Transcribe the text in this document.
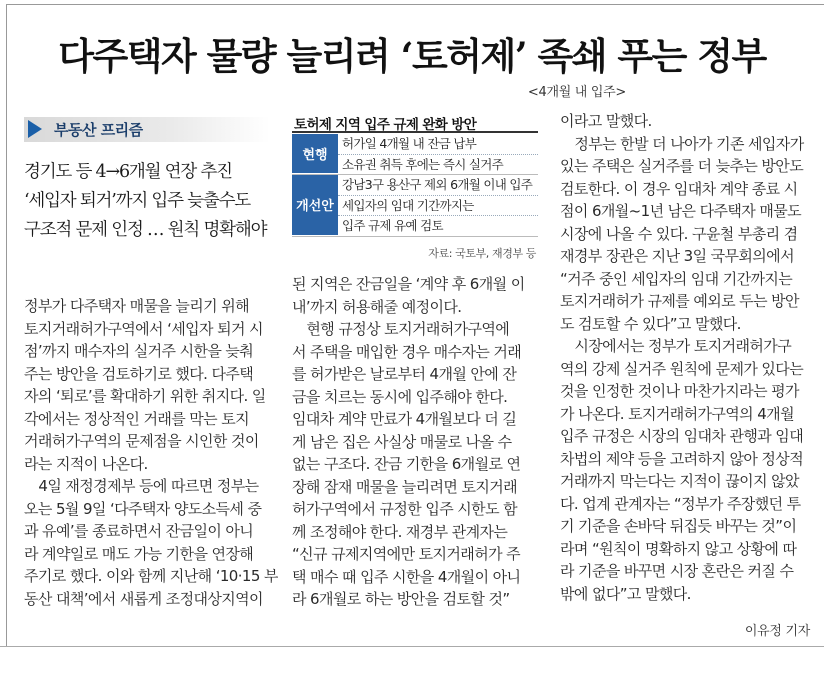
다주택자 물량 늘리려 ‘토허제’ 족쇄 푸는 정부
<4개월 내 입주>
부동산 프리즘

경기도 등 4→6개월 연장 추진

‘세입자 퇴거’까지 입주 늦출수도

구조적 문제 인정 … 원칙 명확해야

토허제 지역 입주 규제 완화 방안
현행
허가일 4개월 내 잔금 납부
소유권 취득 후에는 즉시 실거주
개선안
강남3구 용산구 제외 6개월 이내 입주
세입자의 임대 기간까지는
입주 규제 유예 검토
자료: 국토부, 재경부 등

정부가 다주택자 매물을 늘리기 위해

토지거래허가구역에서 ‘세입자 퇴거 시

점’까지 매수자의 실거주 시한을 늦춰

주는 방안을 검토하기로 했다. 다주택

자의 ‘퇴로’를 확대하기 위한 취지다. 일

각에서는 정상적인 거래를 막는 토지

거래허가구역의 문제점을 시인한 것이

라는 지적이 나온다.

　4일 재정경제부 등에 따르면 정부는

오는 5월 9일 ‘다주택자 양도소득세 중

과 유예’를 종료하면서 잔금일이 아니

라 계약일로 매도 가능 기한을 연장해

주기로 했다. 이와 함께 지난해 ‘10·15 부

동산 대책’에서 새롭게 조정대상지역이

된 지역은 잔금일을 ‘계약 후 6개월 이

내’까지 허용해줄 예정이다.

　현행 규정상 토지거래허가구역에

서 주택을 매입한 경우 매수자는 거래

를 허가받은 날로부터 4개월 안에 잔

금을 치르는 동시에 입주해야 한다.

임대차 계약 만료가 4개월보다 더 길

게 남은 집은 사실상 매물로 나올 수

없는 구조다. 잔금 기한을 6개월로 연

장해 잠재 매물을 늘리려면 토지거래

허가구역에서 규정한 입주 시한도 함

께 조정해야 한다. 재경부 관계자는

“신규 규제지역에만 토지거래허가 주

택 매수 때 입주 시한을 4개월이 아니

라 6개월로 하는 방안을 검토할 것”

이라고 말했다.

　정부는 한발 더 나아가 기존 세입자가

있는 주택은 실거주를 더 늦추는 방안도

검토한다. 이 경우 임대차 계약 종료 시

점이 6개월~1년 남은 다주택자 매물도

시장에 나올 수 있다. 구윤철 부총리 겸

재경부 장관은 지난 3일 국무회의에서

“거주 중인 세입자의 임대 기간까지는

토지거래허가 규제를 예외로 두는 방안

도 검토할 수 있다”고 말했다.

　시장에서는 정부가 토지거래허가구

역의 강제 실거주 원칙에 문제가 있다는

것을 인정한 것이나 마찬가지라는 평가

가 나온다. 토지거래허가구역의 4개월

입주 규정은 시장의 임대차 관행과 임대

차법의 제약 등을 고려하지 않아 정상적

거래까지 막는다는 지적이 끊이지 않았

다. 업계 관계자는 “정부가 주장했던 투

기 기준을 손바닥 뒤집듯 바꾸는 것”이

라며 “원칙이 명확하지 않고 상황에 따

라 기준을 바꾸면 시장 혼란은 커질 수

밖에 없다”고 말했다.

이유정 기자
